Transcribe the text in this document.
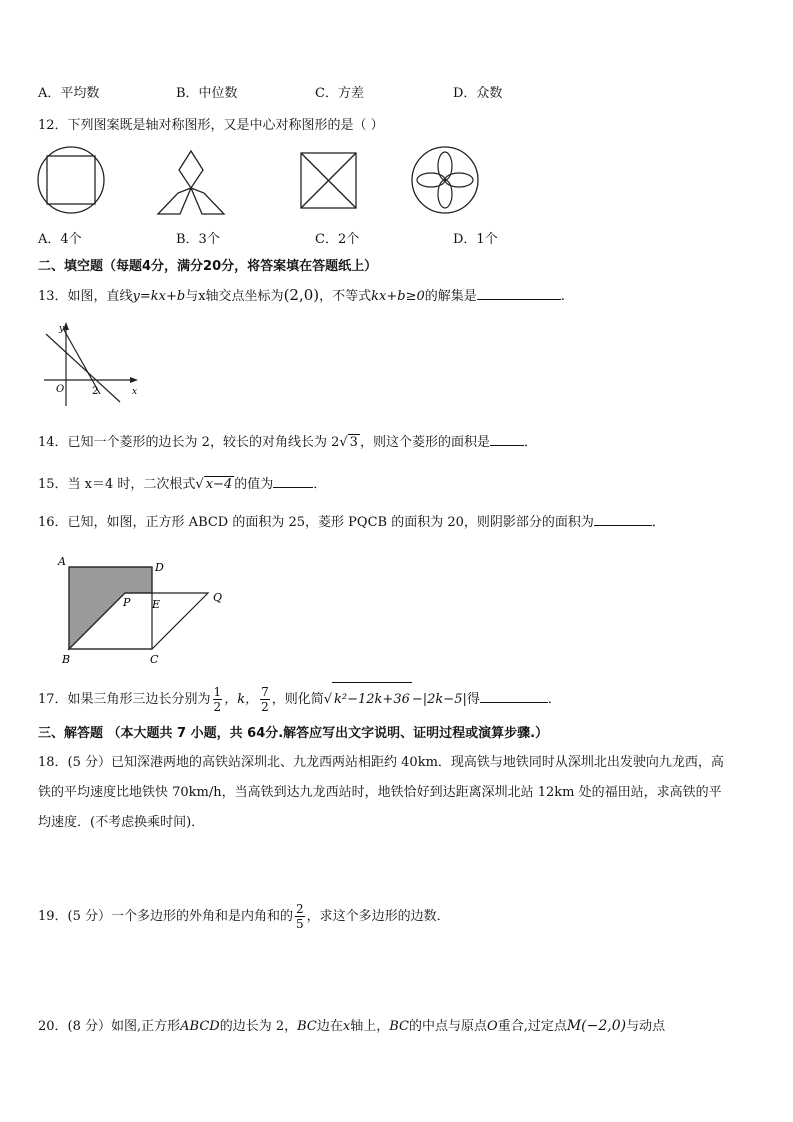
A．平均数	B．中位数	C．方差	D．众数
12．下列图案既是轴对称图形，又是中心对称图形的是（ ）
A．4个	B．3个	C．2个	D．1个
二、填空题（每题4分，满分20分，将答案填在答题纸上）
13．如图，直线y=kx+b与x轴交点坐标为(2,0)，不等式kx+b≥0的解集是	.
y
x
O	2
14．已知一个菱形的边长为 2，较长的对角线长为 2√ 3 ，则这个菱形的面积是	．
15．当 x＝4 时，二次根式√ x−4 的值为	．
16．已知，如图，正方形 ABCD 的面积为 25，菱形 PQCB 的面积为 20，则阴影部分的面积为	．
A	D
P E
Q
B	C
17．如果三角形三边长分别为 $\frac{1}{2}$ ，k， $\frac{7}{2}$ ，则化简√ k²−12k+36 −|2k−5|得	．
三、解答题 （本大题共 7 小题，共 64分.解答应写出文字说明、证明过程或演算步骤.）
18．(5 分）已知深港两地的高铁站深圳北、九龙西两站相距约 40km．现高铁与地铁同时从深圳北出发驶向九龙西，高
铁的平均速度比地铁快 70km/h，当高铁到达九龙西站时，地铁恰好到达距离深圳北站 12km 处的福田站，求高铁的平
均速度．(不考虑换乘时间)．
19．(5 分）一个多边形的外角和是内角和的 $\frac{2}{5}$ ，求这个多边形的边数．
20．(8 分）如图,正方形ABCD的边长为 2，BC边在x轴上，BC的中点与原点O重合,过定点M(−2,0)与动点
